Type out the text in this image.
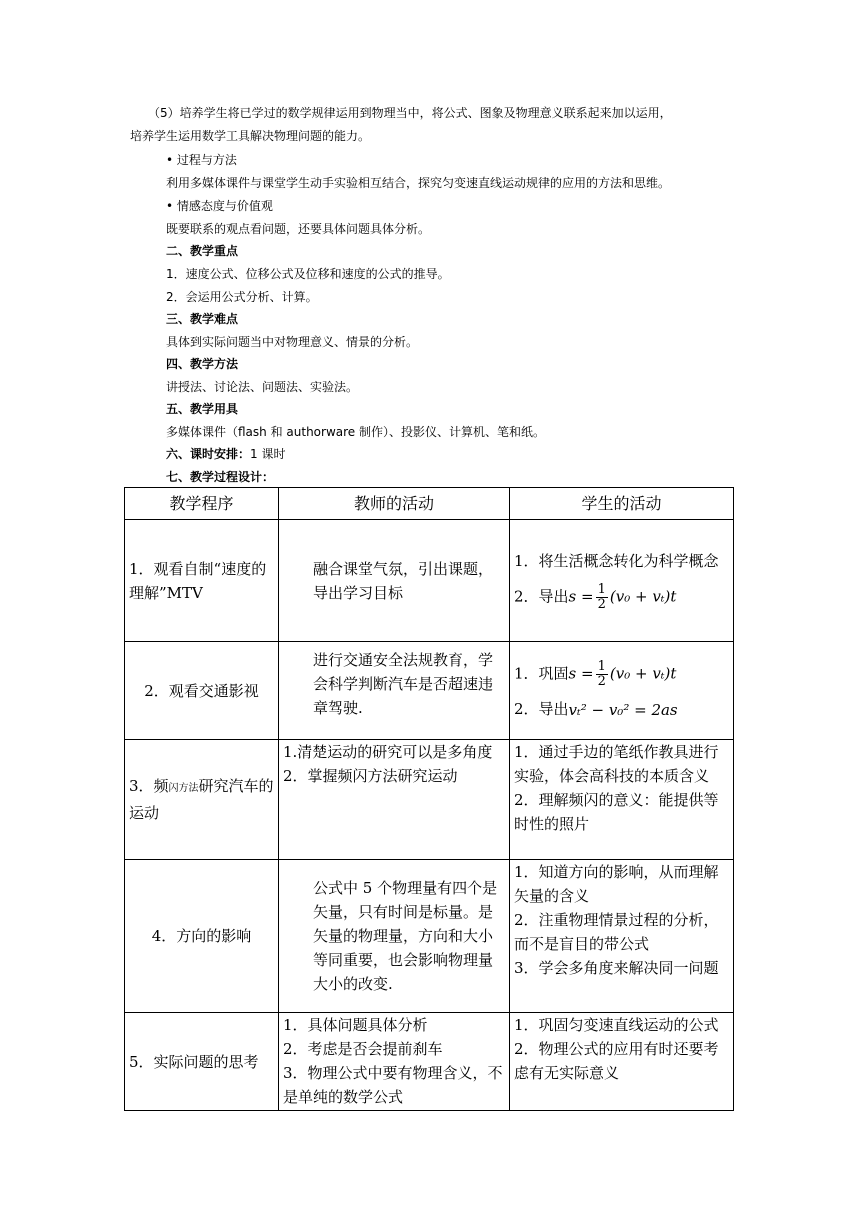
（5）培养学生将已学过的数学规律运用到物理当中，将公式、图象及物理意义联系起来加以运用，
培养学生运用数学工具解决物理问题的能力。
• 过程与方法
利用多媒体课件与课堂学生动手实验相互结合，探究匀变速直线运动规律的应用的方法和思维。
• 情感态度与价值观
既要联系的观点看问题，还要具体问题具体分析。
二、教学重点
1．速度公式、位移公式及位移和速度的公式的推导。
2．会运用公式分析、计算。
三、教学难点
具体到实际问题当中对物理意义、情景的分析。
四、教学方法
讲授法、讨论法、问题法、实验法。
五、教学用具
多媒体课件（flash 和 authorware 制作）、投影仪、计算机、笔和纸。
六、课时安排：1 课时
七、教学过程设计：
教学程序	教师的活动	学生的活动
1．观看自制“速度的理解”MTV	融合课堂气氛，引出课题，导出学习目标	1．将生活概念转化为科学概念
2．导出$s = \frac{1}{2} (v_0 + v_t)t$

2．观看交通影视	进行交通安全法规教育，学会科学判断汽车是否超速违章驾驶.	1．巩固$s = \frac{1}{2} (v_0 + v_t)t$
2．导出vₜ² − v₀² = 2as

3．频闪方法研究汽车的运动	1.清楚运动的研究可以是多角度
2．掌握频闪方法研究运动	1．通过手边的笔纸作教具进行实验，体会高科技的本质含义
2．理解频闪的意义：能提供等时性的照片

4．方向的影响	公式中 5 个物理量有四个是矢量，只有时间是标量。是矢量的物理量，方向和大小等同重要，也会影响物理量大小的改变.	1．知道方向的影响，从而理解矢量的含义
2．注重物理情景过程的分析，而不是盲目的带公式
3．学会多角度来解决同一问题

5．实际问题的思考	1．具体问题具体分析
2．考虑是否会提前刹车
3．物理公式中要有物理含义，不是单纯的数学公式	1．巩固匀变速直线运动的公式
2．物理公式的应用有时还要考虑有无实际意义
